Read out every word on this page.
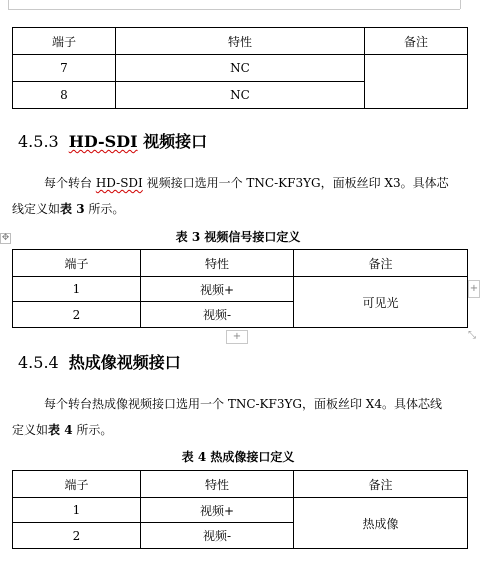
端子	特性	备注
7	NC	
8	NC	
4.5.3 HD-SDI 视频接口
每个转台 HD-SDI 视频接口选用一个 TNC-KF3YG，面板丝印 X3。具体芯
线定义如表 3 所示。
✥	表 3 视频信号接口定义
端子	特性	备注
1	视频+	可见光
2	视频-	
+
+	⤡
4.5.4 热成像视频接口
每个转台热成像视频接口选用一个 TNC-KF3YG，面板丝印 X4。具体芯线
定义如表 4 所示。
表 4 热成像接口定义
端子	特性	备注
1	视频+	热成像
2	视频-	
